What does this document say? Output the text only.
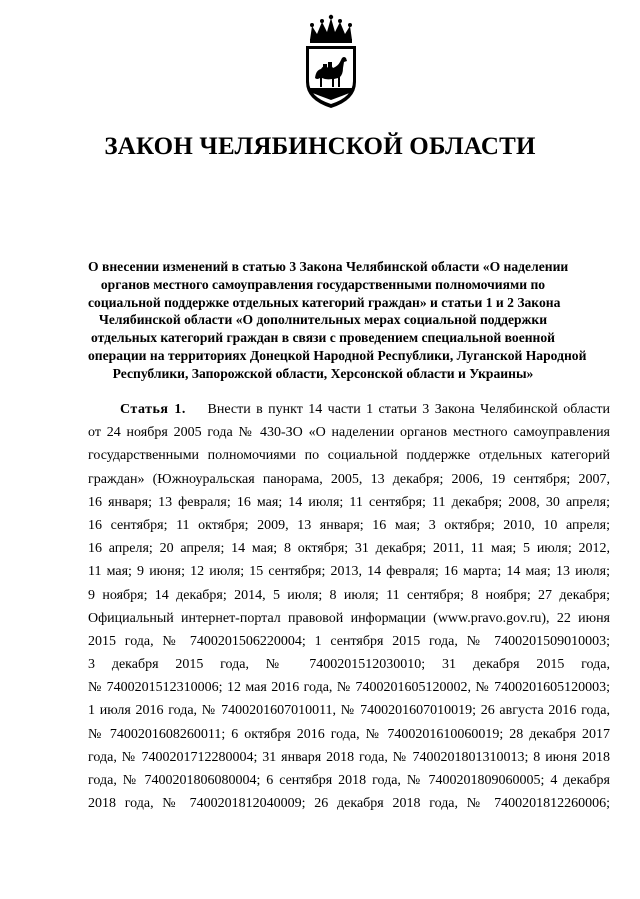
ЗАКОН ЧЕЛЯБИНСКОЙ ОБЛАСТИ
О внесении изменений в статью 3 Закона Челябинской области «О наделении
органов местного самоуправления государственными полномочиями по
социальной поддержке отдельных категорий граждан» и статьи 1 и 2 Закона
Челябинской области «О дополнительных мерах социальной поддержки
отдельных категорий граждан в связи с проведением специальной военной
операции на территориях Донецкой Народной Республики, Луганской Народной
Республики, Запорожской области, Херсонской области и Украины»
Статья 1. Внести в пункт 14 части 1 статьи 3 Закона Челябинской области
от 24 ноября 2005 года № 430-ЗО «О наделении органов местного самоуправления
государственными полномочиями по социальной поддержке отдельных категорий
граждан» (Южноуральская панорама, 2005, 13 декабря; 2006, 19 сентября; 2007,
16 января; 13 февраля; 16 мая; 14 июля; 11 сентября; 11 декабря; 2008, 30 апреля;
16 сентября; 11 октября; 2009, 13 января; 16 мая; 3 октября; 2010, 10 апреля;
16 апреля; 20 апреля; 14 мая; 8 октября; 31 декабря; 2011, 11 мая; 5 июля; 2012,
11 мая; 9 июня; 12 июля; 15 сентября; 2013, 14 февраля; 16 марта; 14 мая; 13 июля;
9 ноября; 14 декабря; 2014, 5 июля; 8 июля; 11 сентября; 8 ноября; 27 декабря;
Официальный интернет-портал правовой информации (www.pravo.gov.ru), 22 июня
2015 года, № 7400201506220004; 1 сентября 2015 года, № 7400201509010003;
3 декабря 2015 года, № 7400201512030010; 31 декабря 2015 года,
№ 7400201512310006; 12 мая 2016 года, № 7400201605120002, № 7400201605120003;
1 июля 2016 года, № 7400201607010011, № 7400201607010019; 26 августа 2016 года,
№ 7400201608260011; 6 октября 2016 года, № 7400201610060019; 28 декабря 2017
года, № 7400201712280004; 31 января 2018 года, № 7400201801310013; 8 июня 2018
года, № 7400201806080004; 6 сентября 2018 года, № 7400201809060005; 4 декабря
2018 года, № 7400201812040009; 26 декабря 2018 года, № 7400201812260006;
